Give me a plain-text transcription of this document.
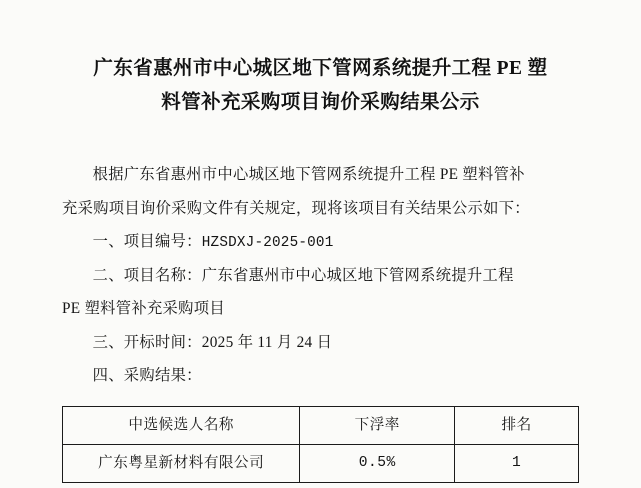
广东省惠州市中心城区地下管网系统提升工程 PE 塑
料管补充采购项目询价采购结果公示

根据广东省惠州市中心城区地下管网系统提升工程 PE 塑料管补

充采购项目询价采购文件有关规定，现将该项目有关结果公示如下：

一、项目编号：HZSDXJ-2025-001

二、项目名称：广东省惠州市中心城区地下管网系统提升工程

PE 塑料管补充采购项目

三、开标时间：2025 年 11 月 24 日

四、采购结果：

中选候选人名称	下浮率	排名
广东粤星新材料有限公司	0.5%	1
